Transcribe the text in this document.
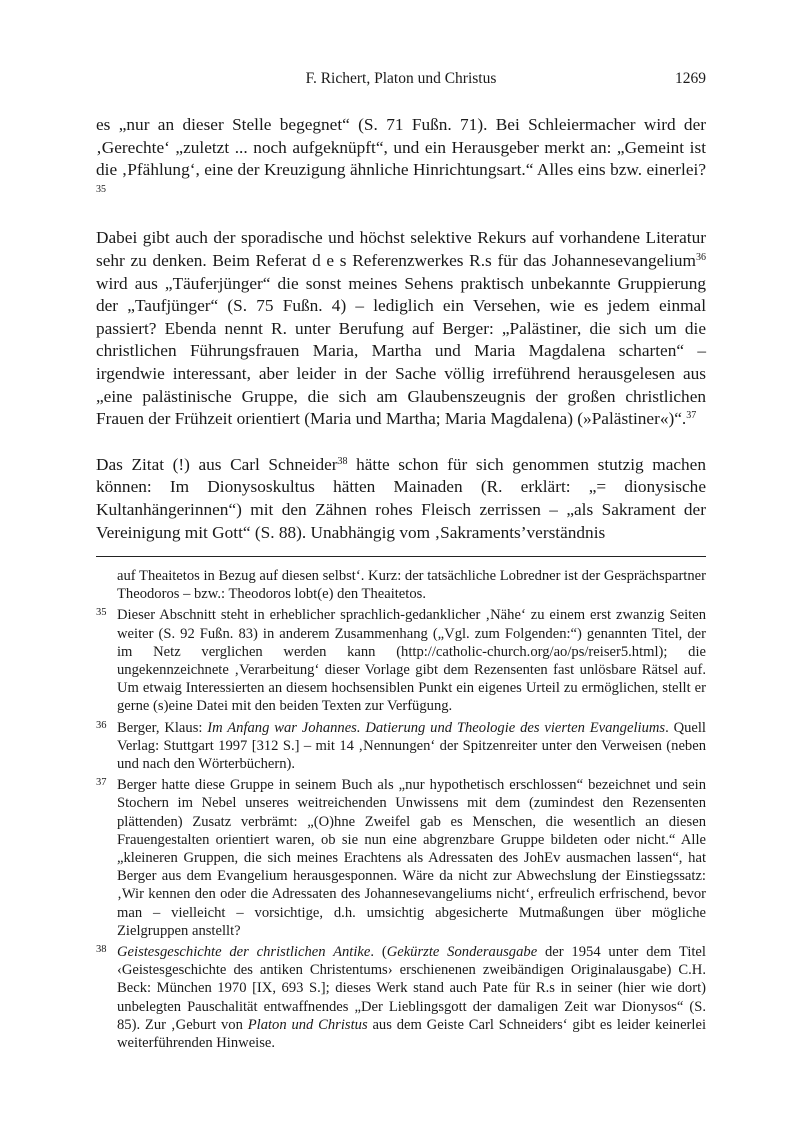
F. Richert, Platon und Christus	1269

es „nur an dieser Stelle begegnet“ (S. 71 Fußn. 71). Bei Schleiermacher wird der ‚Gerechte‘ „zuletzt ... noch aufgeknüpft“, und ein Herausgeber merkt an: „Gemeint ist die ‚Pfählung‘, eine der Kreuzigung ähnliche Hinrichtungsart.“ Alles eins bzw. einerlei?$^{35}$

Dabei gibt auch der sporadische und höchst selektive Rekurs auf vorhandene Literatur sehr zu denken. Beim Referat d e s Referenzwerkes R.s für das Johannesevangelium$^{36}$ wird aus „Täuferjünger“ die sonst meines Sehens praktisch unbekannte Gruppierung der „Taufjünger“ (S. 75 Fußn. 4) – lediglich ein Versehen, wie es jedem einmal passiert? Ebenda nennt R. unter Berufung auf Berger: „Palästiner, die sich um die christlichen Führungsfrauen Maria, Martha und Maria Magdalena scharten“ – irgendwie interessant, aber leider in der Sache völlig irreführend herausgelesen aus „eine palästinische Gruppe, die sich am Glaubenszeugnis der großen christlichen Frauen der Frühzeit orientiert (Maria und Martha; Maria Magdalena) (»Palästiner«)“.$^{37}$

Das Zitat (!) aus Carl Schneider$^{38}$ hätte schon für sich genommen stutzig machen können: Im Dionysoskultus hätten Mainaden (R. erklärt: „= dionysische Kultanhängerinnen“) mit den Zähnen rohes Fleisch zerrissen – „als Sakrament der Vereinigung mit Gott“ (S. 88). Unabhängig vom ‚Sakraments’verständnis

auf Theaitetos in Bezug auf diesen selbst‘. Kurz: der tatsächliche Lobredner ist der Gesprächspartner Theodoros – bzw.: Theodoros lobt(e) den Theaitetos.
35 Dieser Abschnitt steht in erheblicher sprachlich-gedanklicher ‚Nähe‘ zu einem erst zwanzig Seiten weiter (S. 92 Fußn. 83) in anderem Zusammenhang („Vgl. zum Folgenden:“) genannten Titel, der im Netz verglichen werden kann (http://catholic-church.org/ao/ps/reiser5.html); die ungekennzeichnete ‚Verarbeitung‘ dieser Vorlage gibt dem Rezensenten fast unlösbare Rätsel auf. Um etwaig Interessierten an diesem hochsensiblen Punkt ein eigenes Urteil zu ermöglichen, stellt er gerne (s)eine Datei mit den beiden Texten zur Verfügung.
36 Berger, Klaus: Im Anfang war Johannes. Datierung und Theologie des vierten Evangeliums. Quell Verlag: Stuttgart 1997 [312 S.] – mit 14 ‚Nennungen‘ der Spitzenreiter unter den Verweisen (neben und nach den Wörterbüchern).
37 Berger hatte diese Gruppe in seinem Buch als „nur hypothetisch erschlossen“ bezeichnet und sein Stochern im Nebel unseres weitreichenden Unwissens mit dem (zumindest den Rezensenten plättenden) Zusatz verbrämt: „(O)hne Zweifel gab es Menschen, die wesentlich an diesen Frauengestalten orientiert waren, ob sie nun eine abgrenzbare Gruppe bildeten oder nicht.“ Alle „kleineren Gruppen, die sich meines Erachtens als Adressaten des JohEv ausmachen lassen“, hat Berger aus dem Evangelium herausgesponnen. Wäre da nicht zur Abwechslung der Einstiegssatz: ‚Wir kennen den oder die Adressaten des Johannesevangeliums nicht‘, erfreulich erfrischend, bevor man – vielleicht – vorsichtige, d.h. umsichtig abgesicherte Mutmaßungen über mögliche Zielgruppen anstellt?
38 Geistesgeschichte der christlichen Antike. (Gekürzte Sonderausgabe der 1954 unter dem Titel ‹Geistesgeschichte des antiken Christentums› erschienenen zweibändigen Originalausgabe) C.H. Beck: München 1970 [IX, 693 S.]; dieses Werk stand auch Pate für R.s in seiner (hier wie dort) unbelegten Pauschalität entwaffnendes „Der Lieblingsgott der damaligen Zeit war Dionysos“ (S. 85). Zur ‚Geburt von Platon und Christus aus dem Geiste Carl Schneiders‘ gibt es leider keinerlei weiterführenden Hinweise.
